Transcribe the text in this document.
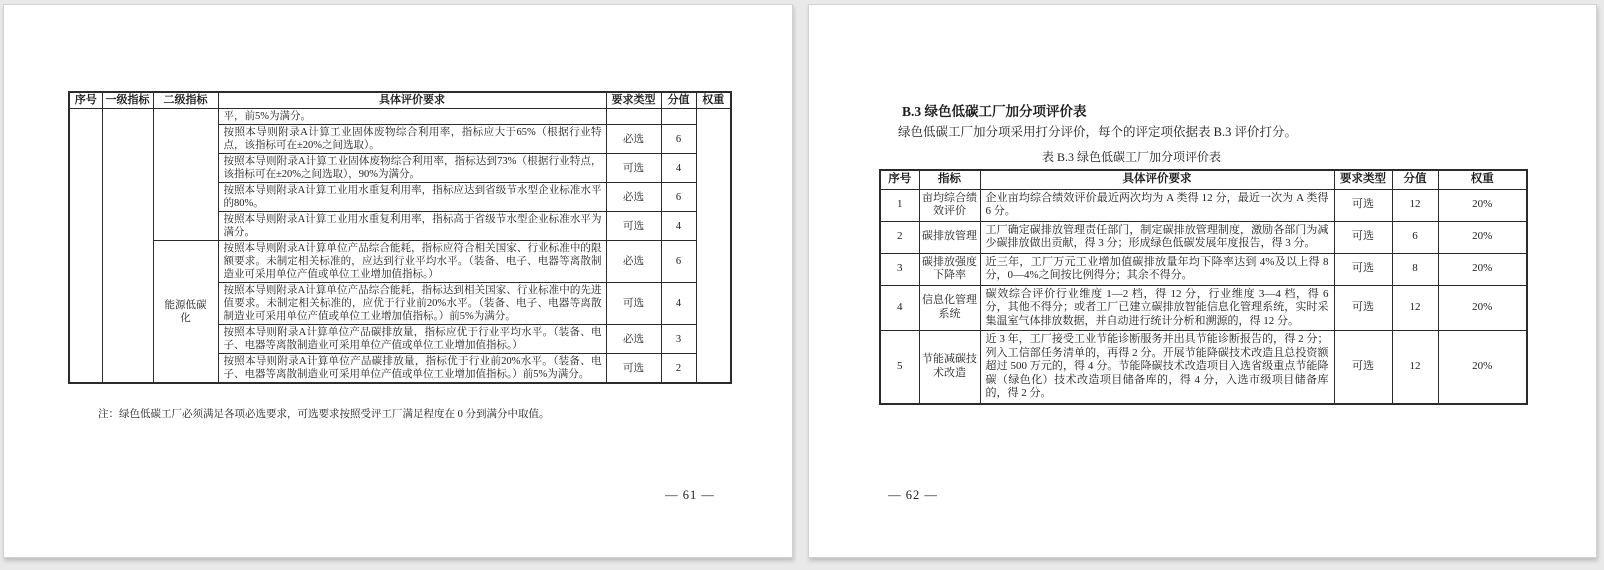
序号	一级指标	二级指标	具体评价要求	要求类型	分值	权重
			平，前5%为满分。			
			按照本导则附录A计算工业固体废物综合利用率，指标应大于65%（根据行业特点，该指标可在±20%之间选取）。	必选	6	
			按照本导则附录A计算工业固体废物综合利用率，指标达到73%（根据行业特点，该指标可在±20%之间选取），90%为满分。	可选	4	
			按照本导则附录A计算工业用水重复利用率，指标应达到省级节水型企业标准水平的80%。	必选	6	
			按照本导则附录A计算工业用水重复利用率，指标高于省级节水型企业标准水平为满分。	可选	4	
		能源低碳化	按照本导则附录A计算单位产品综合能耗，指标应符合相关国家、行业标准中的限额要求。未制定相关标准的，应达到行业平均水平。（装备、电子、电器等离散制造业可采用单位产值或单位工业增加值指标。）	必选	6	
			按照本导则附录A计算单位产品综合能耗，指标达到相关国家、行业标准中的先进值要求。未制定相关标准的，应优于行业前20%水平。（装备、电子、电器等离散制造业可采用单位产值或单位工业增加值指标。）前5%为满分。	可选	4	
			按照本导则附录A计算单位产品碳排放量，指标应优于行业平均水平。（装备、电子、电器等离散制造业可采用单位产值或单位工业增加值指标。）	必选	3	
			按照本导则附录A计算单位产品碳排放量，指标优于行业前20%水平。（装备、电子、电器等离散制造业可采用单位产值或单位工业增加值指标。）前5%为满分。	可选	2	
注：绿色低碳工厂必须满足各项必选要求，可选要求按照受评工厂满足程度在 0 分到满分中取值。
— 61 —
B.3 绿色低碳工厂加分项评价表

绿色低碳工厂加分项采用打分评价，每个的评定项依据表 B.3 评价打分。

表 B.3 绿色低碳工厂加分项评价表
序号	指标	具体评价要求	要求类型	分值	权重
1	亩均综合绩效评价	企业亩均综合绩效评价最近两次均为 A 类得 12 分，最近一次为 A 类得 6 分。	可选	12	20%
2	碳排放管理	工厂确定碳排放管理责任部门，制定碳排放管理制度，激励各部门为减少碳排放做出贡献，得 3 分；形成绿色低碳发展年度报告，得 3 分。	可选	6	20%
3	碳排放强度下降率	近三年，工厂万元工业增加值碳排放量年均下降率达到 4%及以上得 8 分，0—4%之间按比例得分；其余不得分。	可选	8	20%
4	信息化管理系统	碳效综合评价行业维度 1—2 档，得 12 分，行业维度 3—4 档，得 6 分，其他不得分；或者工厂已建立碳排放智能信息化管理系统，实时采集温室气体排放数据，并自动进行统计分析和溯源的，得 12 分。	可选	12	20%
5	节能减碳技术改造	近 3 年，工厂接受工业节能诊断服务并出具节能诊断报告的，得 2 分；列入工信部任务清单的，再得 2 分。开展节能降碳技术改造且总投资额超过 500 万元的，得 4 分。节能降碳技术改造项目入选省级重点节能降碳（绿色化）技术改造项目储备库的，得 4 分，入选市级项目储备库的，得 2 分。	可选	12	20%
— 62 —
